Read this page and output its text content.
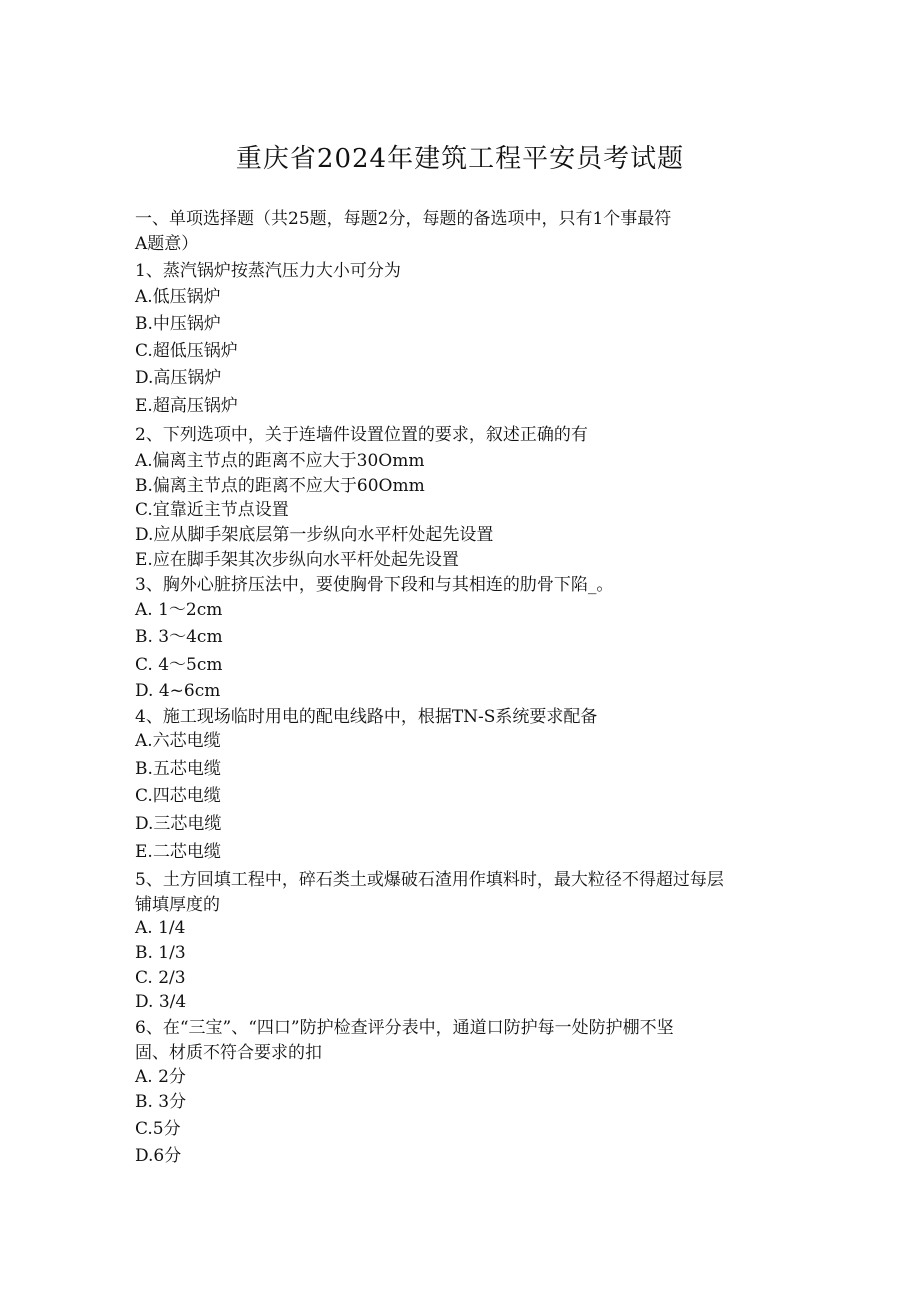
重庆省2024年建筑工程平安员考试题
一、单项选择题（共25题，每题2分，每题的备选项中，只有1个事最符
A题意）
1、蒸汽锅炉按蒸汽压力大小可分为
A.低压锅炉
B.中压锅炉
C.超低压锅炉
D.高压锅炉
E.超高压锅炉
2、下列选项中，关于连墙件设置位置的要求，叙述正确的有
A.偏离主节点的距离不应大于30Omm
B.偏离主节点的距离不应大于60Omm
C.宜靠近主节点设置
D.应从脚手架底层第一步纵向水平杆处起先设置
E.应在脚手架其次步纵向水平杆处起先设置
3、胸外心脏挤压法中，要使胸骨下段和与其相连的肋骨下陷_。
A. 1〜2cm
B. 3〜4cm
C. 4〜5cm
D. 4~6cm
4、施工现场临时用电的配电线路中，根据TN-S系统要求配备
A.六芯电缆
B.五芯电缆
C.四芯电缆
D.三芯电缆
E.二芯电缆
5、土方回填工程中，碎石类土或爆破石渣用作填料时，最大粒径不得超过每层
铺填厚度的
A. 1/4
B. 1/3
C. 2/3
D. 3/4
6、在“三宝”、“四口”防护检查评分表中，通道口防护每一处防护棚不坚
固、材质不符合要求的扣
A. 2分
B. 3分
C.5分
D.6分
